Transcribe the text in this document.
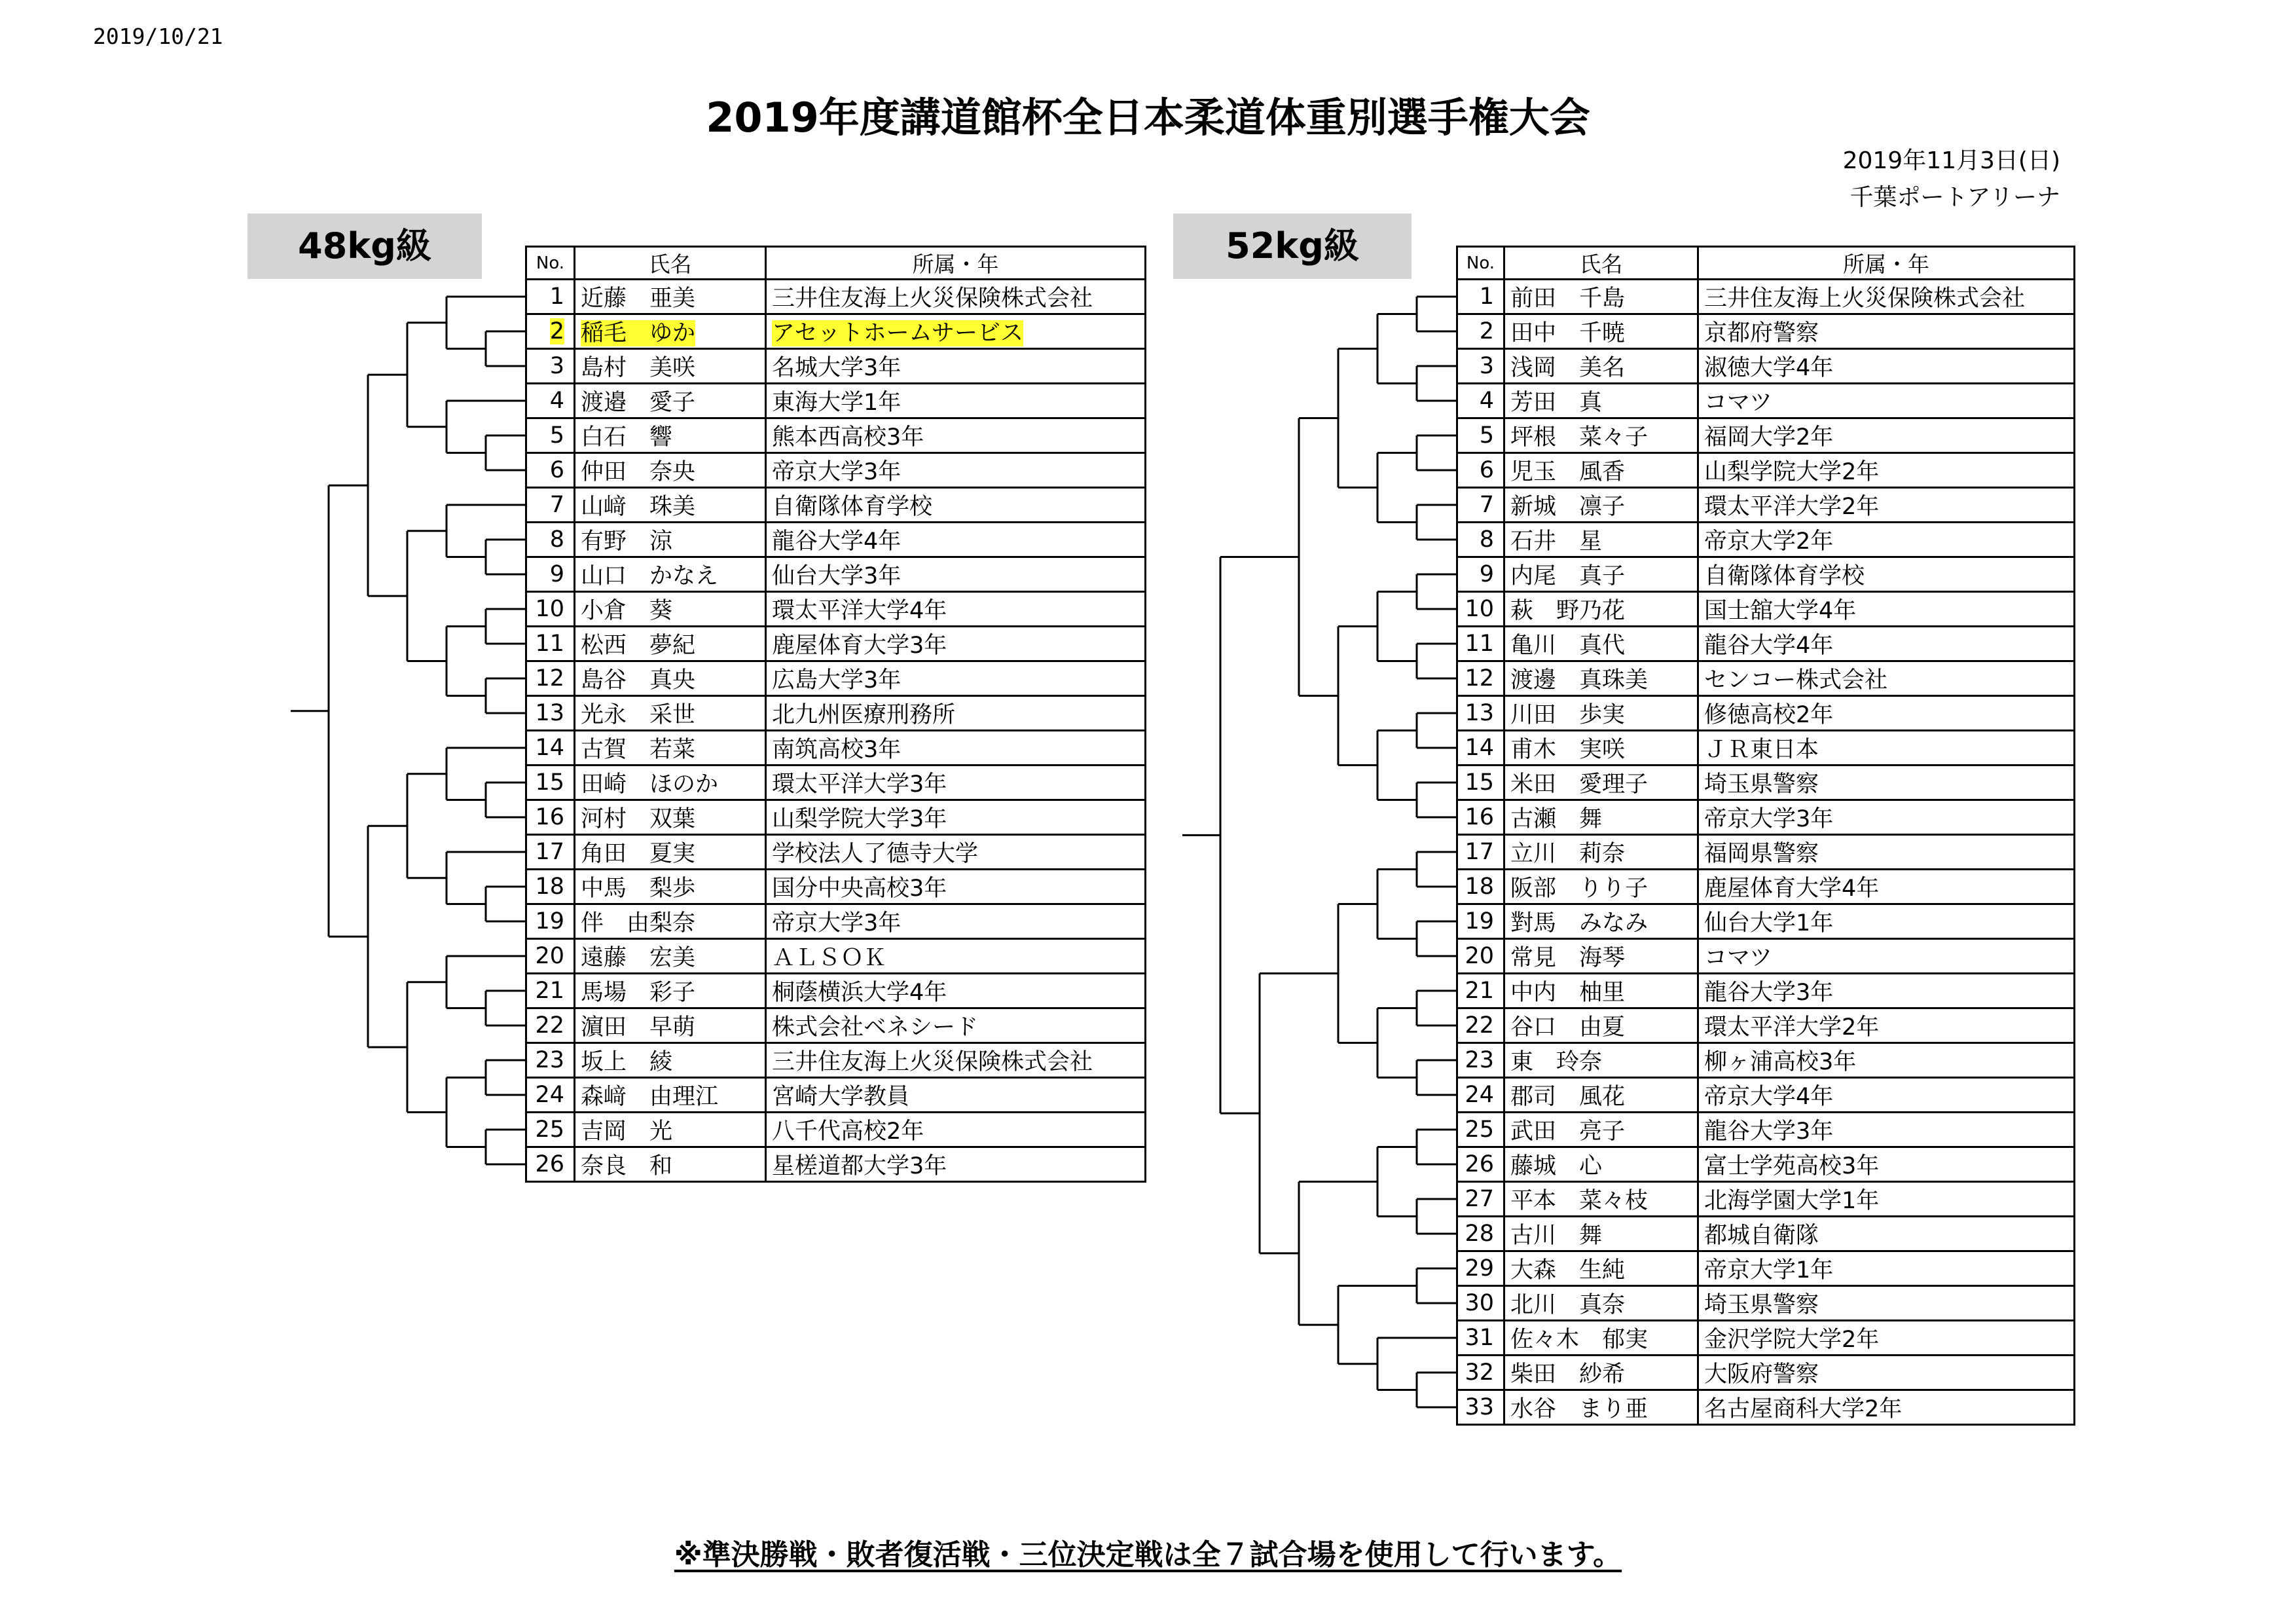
2019/10/21
2019年度講道館杯全日本柔道体重別選手権大会
2019年11月3日(日)
千葉ポートアリーナ
48kg級	52kg級
No.	氏名	所属・年
1	近藤　亜美	三井住友海上火災保険株式会社
2	稲毛　ゆか	アセットホームサービス
3	島村　美咲	名城大学3年
4	渡邉　愛子	東海大学1年
5	白石　響	熊本西高校3年
6	仲田　奈央	帝京大学3年
7	山﨑　珠美	自衛隊体育学校
8	有野　涼	龍谷大学4年
9	山口　かなえ	仙台大学3年
10	小倉　葵	環太平洋大学4年
11	松西　夢紀	鹿屋体育大学3年
12	島谷　真央	広島大学3年
13	光永　采世	北九州医療刑務所
14	古賀　若菜	南筑高校3年
15	田崎　ほのか	環太平洋大学3年
16	河村　双葉	山梨学院大学3年
17	角田　夏実	学校法人了德寺大学
18	中馬　梨歩	国分中央高校3年
19	伴　由梨奈	帝京大学3年
20	遠藤　宏美	ＡＬＳＯＫ
21	馬場　彩子	桐蔭横浜大学4年
22	濵田　早萌	株式会社ベネシード
23	坂上　綾	三井住友海上火災保険株式会社
24	森﨑　由理江	宮崎大学教員
25	吉岡　光	八千代高校2年
26	奈良　和	星槎道都大学3年
No.	氏名	所属・年
1	前田　千島	三井住友海上火災保険株式会社
2	田中　千暁	京都府警察
3	浅岡　美名	淑徳大学4年
4	芳田　真	コマツ
5	坪根　菜々子	福岡大学2年
6	児玉　風香	山梨学院大学2年
7	新城　凛子	環太平洋大学2年
8	石井　星	帝京大学2年
9	内尾　真子	自衛隊体育学校
10	萩　野乃花	国士舘大学4年
11	亀川　真代	龍谷大学4年
12	渡邊　真珠美	センコー株式会社
13	川田　歩実	修徳高校2年
14	甫木　実咲	ＪＲ東日本
15	米田　愛理子	埼玉県警察
16	古瀬　舞	帝京大学3年
17	立川　莉奈	福岡県警察
18	阪部　りり子	鹿屋体育大学4年
19	對馬　みなみ	仙台大学1年
20	常見　海琴	コマツ
21	中内　柚里	龍谷大学3年
22	谷口　由夏	環太平洋大学2年
23	東　玲奈	柳ヶ浦高校3年
24	郡司　風花	帝京大学4年
25	武田　亮子	龍谷大学3年
26	藤城　心	富士学苑高校3年
27	平本　菜々枝	北海学園大学1年
28	古川　舞	都城自衛隊
29	大森　生純	帝京大学1年
30	北川　真奈	埼玉県警察
31	佐々木　郁実	金沢学院大学2年
32	柴田　紗希	大阪府警察
33	水谷　まり亜	名古屋商科大学2年
※準決勝戦・敗者復活戦・三位決定戦は全７試合場を使用して行います。
